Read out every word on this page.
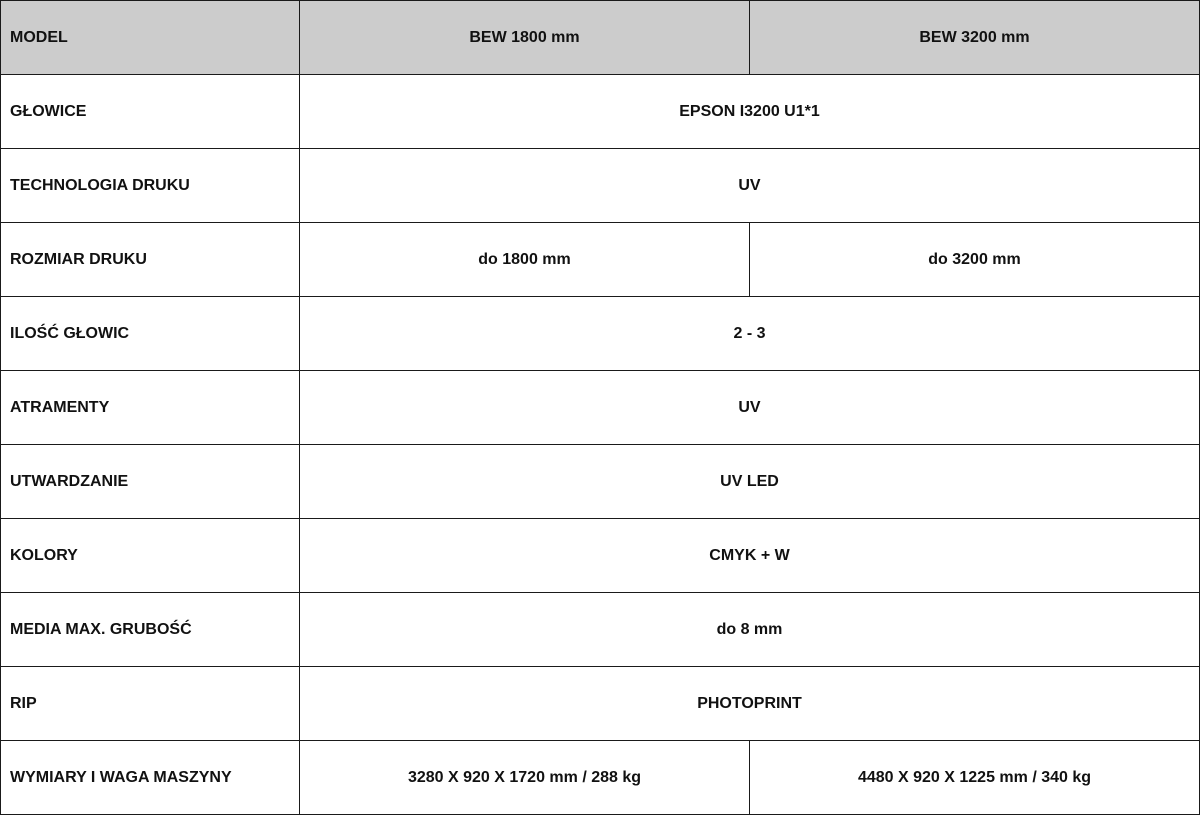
MODEL	BEW 1800 mm	BEW 3200 mm
GŁOWICE	EPSON I3200 U1*1	
TECHNOLOGIA DRUKU	UV	
ROZMIAR DRUKU	do 1800 mm	do 3200 mm
ILOŚĆ GŁOWIC	2 - 3	
ATRAMENTY	UV	
UTWARDZANIE	UV LED	
KOLORY	CMYK + W	
MEDIA MAX. GRUBOŚĆ	do 8 mm	
RIP	PHOTOPRINT	
WYMIARY I WAGA MASZYNY	3280 X 920 X 1720 mm / 288 kg	4480 X 920 X 1225 mm / 340 kg
